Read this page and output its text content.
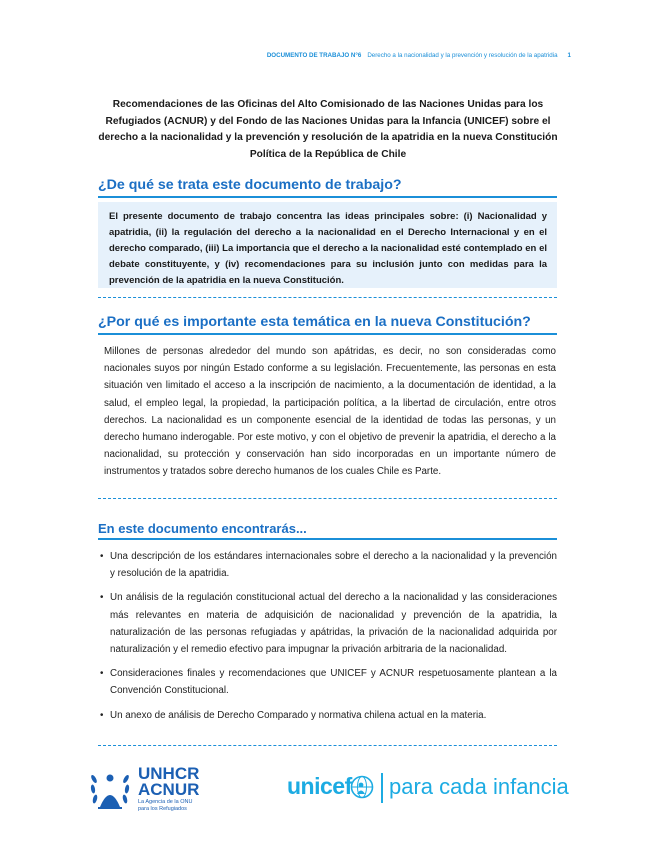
DOCUMENTO DE TRABAJO N°6 Derecho a la nacionalidad y la prevención y resolución de la apatridia 1
Recomendaciones de las Oficinas del Alto Comisionado de las Naciones Unidas para los Refugiados (ACNUR) y del Fondo de las Naciones Unidas para la Infancia (UNICEF) sobre el derecho a la nacionalidad y la prevención y resolución de la apatridia en la nueva Constitución Política de la República de Chile
¿De qué se trata este documento de trabajo?

El presente documento de trabajo concentra las ideas principales sobre: (i) Nacionalidad y apatridia, (ii) la regulación del derecho a la nacionalidad en el Derecho Internacional y en el derecho comparado, (iii) La importancia que el derecho a la nacionalidad esté contemplado en el debate constituyente, y (iv) recomendaciones para su inclusión junto con medidas para la prevención de la apatridia en la nueva Constitución.

¿Por qué es importante esta temática en la nueva Constitución?

Millones de personas alrededor del mundo son apátridas, es decir, no son consideradas como nacionales suyos por ningún Estado conforme a su legislación. Frecuentemente, las personas en esta situación ven limitado el acceso a la inscripción de nacimiento, a la documentación de identidad, a la salud, el empleo legal, la propiedad, la participación política, a la libertad de circulación, entre otros derechos. La nacionalidad es un componente esencial de la identidad de todas las personas, y un derecho humano inderogable. Por este motivo, y con el objetivo de prevenir la apatridia, el derecho a la nacionalidad, su protección y conservación han sido incorporadas en un importante número de instrumentos y tratados sobre derecho humanos de los cuales Chile es Parte.

En este documento encontrarás...
• Una descripción de los estándares internacionales sobre el derecho a la nacionalidad y la prevención y resolución de la apatridia.
• Un análisis de la regulación constitucional actual del derecho a la nacionalidad y las consideraciones más relevantes en materia de adquisición de nacionalidad y prevención de la apatridia, la naturalización de las personas refugiadas y apátridas, la privación de la nacionalidad adquirida por naturalización y el remedio efectivo para impugnar la privación arbitraria de la nacionalidad.
• Consideraciones finales y recomendaciones que UNICEF y ACNUR respetuosamente plantean a la Convención Constitucional.
• Un anexo de análisis de Derecho Comparado y normativa chilena actual en la materia.
UNHCR
ACNUR
La Agencia de la ONU
para los Refugiados
unicef para cada infancia
